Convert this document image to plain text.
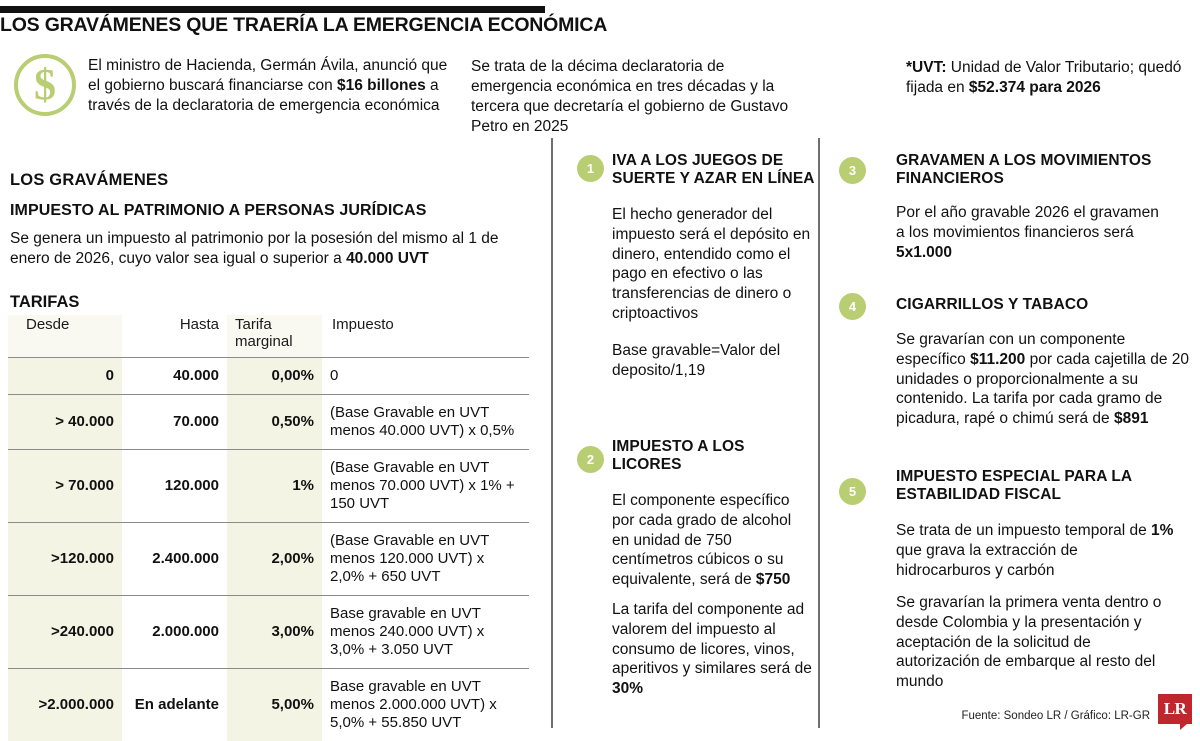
LOS GRAVÁMENES QUE TRAERÍA LA EMERGENCIA ECONÓMICA
$ El ministro de Hacienda, Germán Ávila, anunció que el gobierno buscará financiarse con $16 billones a través de la declaratoria de emergencia económica
Se trata de la décima declaratoria de emergencia económica en tres décadas y la tercera que decretaría el gobierno de Gustavo Petro en 2025
*UVT: Unidad de Valor Tributario; quedó fijada en $52.374 para 2026
LOS GRAVÁMENES
IMPUESTO AL PATRIMONIO A PERSONAS JURÍDICAS
Se genera un impuesto al patrimonio por la posesión del mismo al 1 de enero de 2026, cuyo valor sea igual o superior a 40.000 UVT
TARIFAS
Desde	Hasta	Tarifa marginal	Impuesto
0	40.000	0,00%	0
> 40.000	70.000	0,50%	(Base Gravable en UVT menos 40.000 UVT) x 0,5%
> 70.000	120.000	1%	(Base Gravable en UVT menos 70.000 UVT) x 1% + 150 UVT
>120.000	2.400.000	2,00%	(Base Gravable en UVT menos 120.000 UVT) x 2,0% + 650 UVT
>240.000	2.000.000	3,00%	Base gravable en UVT menos 240.000 UVT) x 3,0% + 3.050 UVT
>2.000.000	En adelante	5,00%	Base gravable en UVT menos 2.000.000 UVT) x 5,0% + 55.850 UVT
1	IVA A LOS JUEGOS DE SUERTE Y AZAR EN LÍNEA
El hecho generador del impuesto será el depósito en dinero, entendido como el pago en efectivo o las transferencias de dinero o criptoactivos
Base gravable=Valor del deposito/1,19
2
IMPUESTO A LOS LICORES
El componente específico por cada grado de alcohol en unidad de 750 centímetros cúbicos o su equivalente, será de $750
La tarifa del componente ad valorem del impuesto al consumo de licores, vinos, aperitivos y similares será de 30%
3
GRAVAMEN A LOS MOVIMIENTOS FINANCIEROS
Por el año gravable 2026 el gravamen a los movimientos financieros será 5x1.000
4	CIGARRILLOS Y TABACO
Se gravarían con un componente específico $11.200 por cada cajetilla de 20 unidades o proporcionalmente a su contenido. La tarifa por cada gramo de picadura, rapé o chimú será de $891
5
IMPUESTO ESPECIAL PARA LA ESTABILIDAD FISCAL
Se trata de un impuesto temporal de 1% que grava la extracción de hidrocarburos y carbón
Se gravarían la primera venta dentro o desde Colombia y la presentación y aceptación de la solicitud de autorización de embarque al resto del mundo
Fuente: Sondeo LR / Gráfico: LR-GR LR
